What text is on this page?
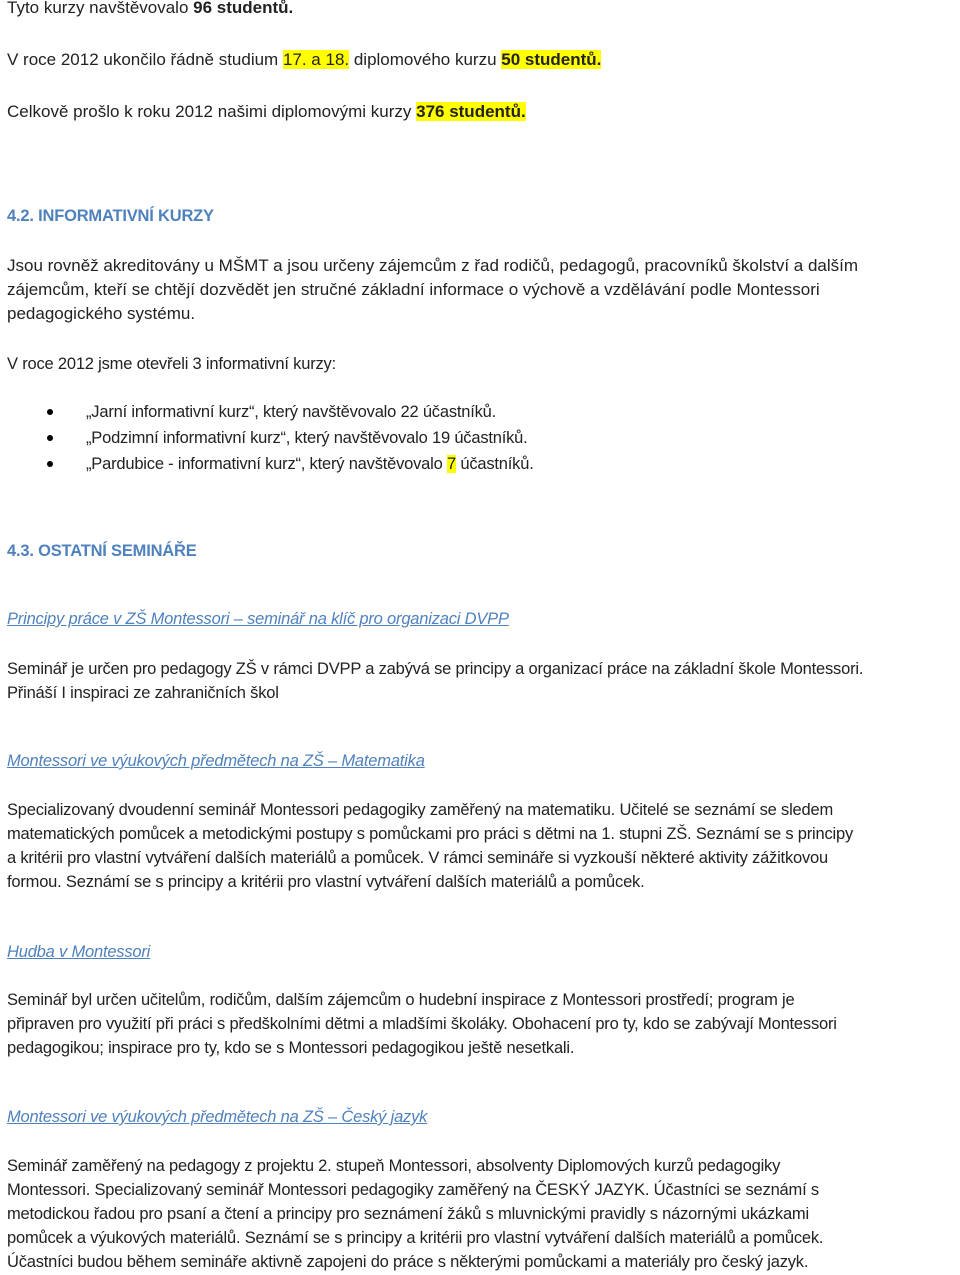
Tyto kurzy navštěvovalo 96 studentů.

V roce 2012 ukončilo řádně studium 17. a 18. diplomového kurzu 50 studentů.

Celkově prošlo k roku 2012 našimi diplomovými kurzy 376 studentů.

4.2. INFORMATIVNÍ KURZY

Jsou rovněž akreditovány u MŠMT a jsou určeny zájemcům z řad rodičů, pedagogů, pracovníků školství a dalším

zájemcům, kteří se chtějí dozvědět jen stručné základní informace o výchově a vzdělávání podle Montessori

pedagogického systému.

V roce 2012 jsme otevřeli 3 informativní kurzy:

„Jarní informativní kurz“, který navštěvovalo 22 účastníků.
„Podzimní informativní kurz“, který navštěvovalo 19 účastníků.
„Pardubice - informativní kurz“, který navštěvovalo 7 účastníků.

4.3. OSTATNÍ SEMINÁŘE

Principy práce v ZŠ Montessori – seminář na klíč pro organizaci DVPP

Seminář je určen pro pedagogy ZŠ v rámci DVPP a zabývá se principy a organizací práce na základní škole Montessori.

Přináší I inspiraci ze zahraničních škol

Montessori ve výukových předmětech na ZŠ – Matematika

Specializovaný dvoudenní seminář Montessori pedagogiky zaměřený na matematiku. Učitelé se seznámí se sledem

matematických pomůcek a metodickými postupy s pomůckami pro práci s dětmi na 1. stupni ZŠ. Seznámí se s principy

a kritérii pro vlastní vytváření dalších materiálů a pomůcek. V rámci semináře si vyzkouší některé aktivity zážitkovou

formou. Seznámí se s principy a kritérii pro vlastní vytváření dalších materiálů a pomůcek.

Hudba v Montessori

Seminář byl určen učitelům, rodičům, dalším zájemcům o hudební inspirace z Montessori prostředí; program je

připraven pro využití při práci s předškolními dětmi a mladšími školáky. Obohacení pro ty, kdo se zabývají Montessori

pedagogikou; inspirace pro ty, kdo se s Montessori pedagogikou ještě nesetkali.

Montessori ve výukových předmětech na ZŠ – Český jazyk

Seminář zaměřený na pedagogy z projektu 2. stupeň Montessori, absolventy Diplomových kurzů pedagogiky

Montessori. Specializovaný seminář Montessori pedagogiky zaměřený na ČESKÝ JAZYK. Účastníci se seznámí s

metodickou řadou pro psaní a čtení a principy pro seznámení žáků s mluvnickými pravidly s názornými ukázkami

pomůcek a výukových materiálů. Seznámí se s principy a kritérii pro vlastní vytváření dalších materiálů a pomůcek.

Účastníci budou během semináře aktivně zapojeni do práce s některými pomůckami a materiály pro český jazyk.
